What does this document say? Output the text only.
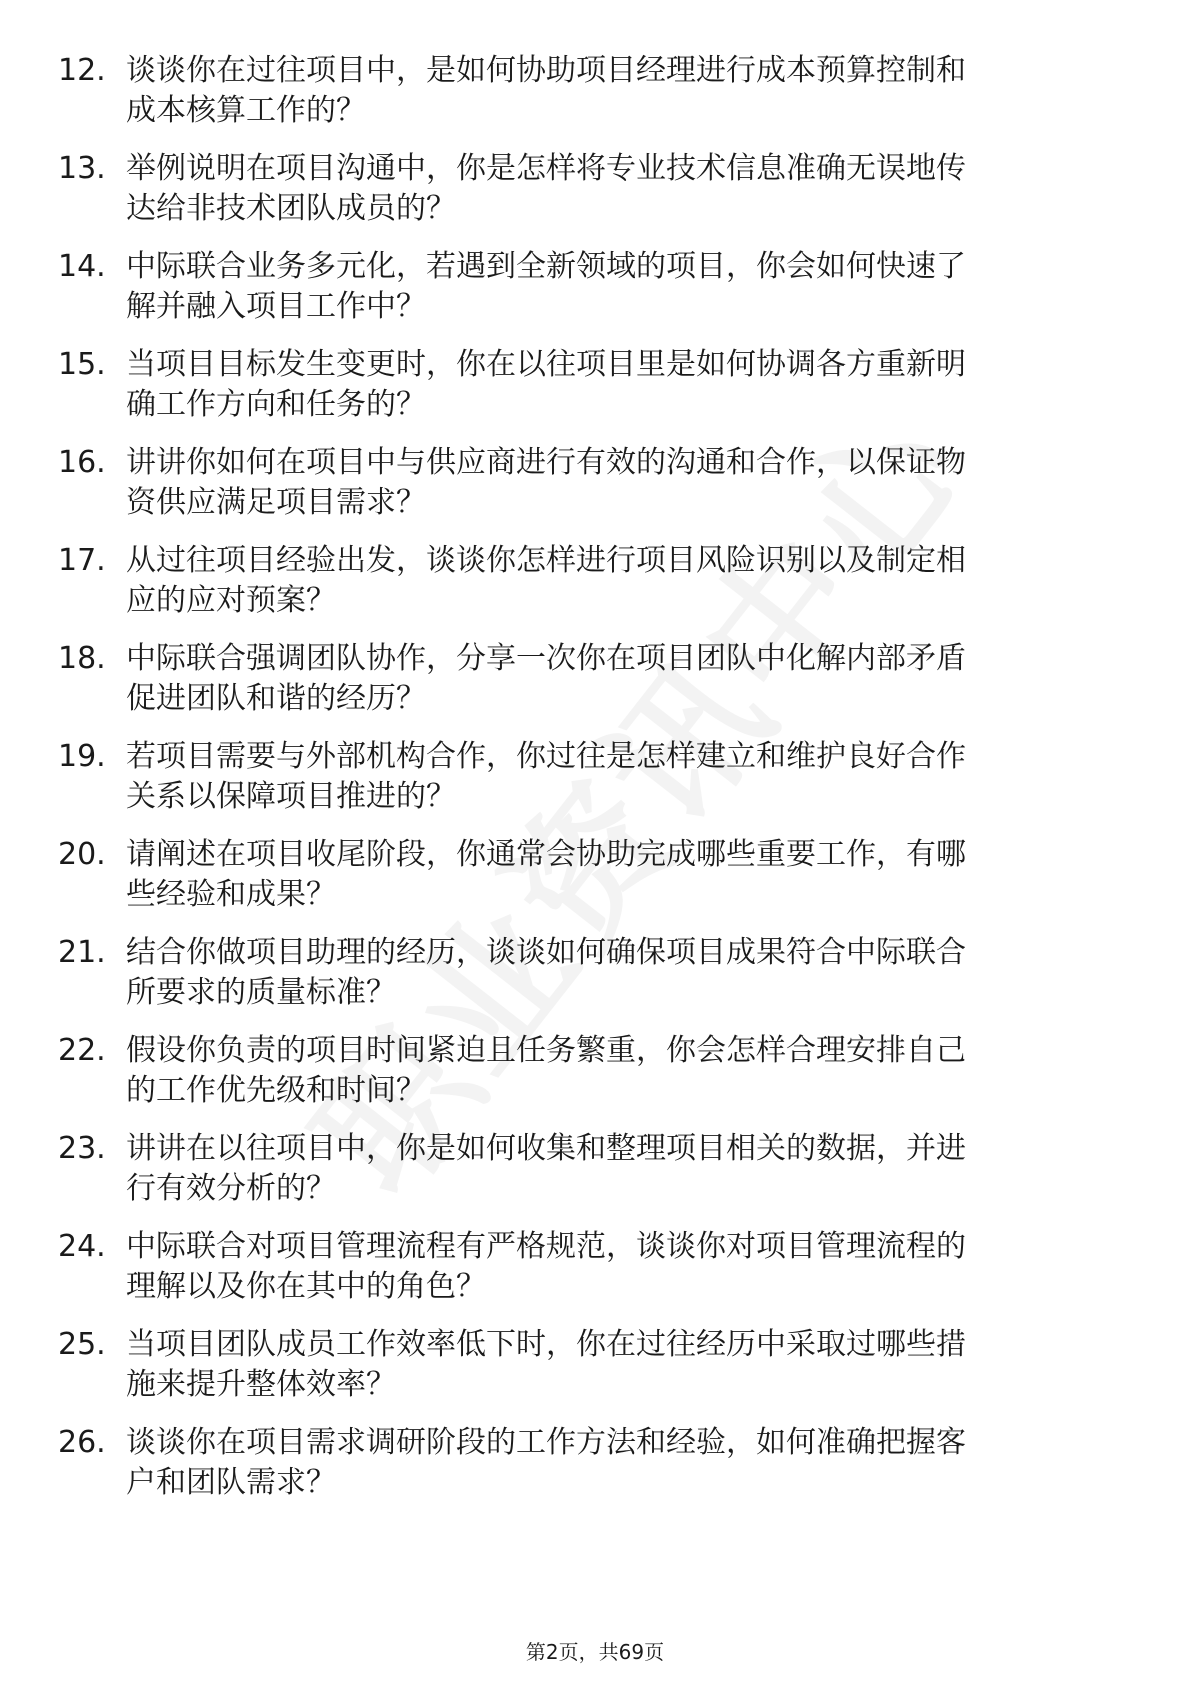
12. 谈谈你在过往项目中，是如何协助项目经理进行成本预算控制和
成本核算工作的？
13. 举例说明在项目沟通中，你是怎样将专业技术信息准确无误地传
达给非技术团队成员的？
14. 中际联合业务多元化，若遇到全新领域的项目，你会如何快速了
解并融入项目工作中？
15. 当项目目标发生变更时，你在以往项目里是如何协调各方重新明
确工作方向和任务的？
16. 讲讲你如何在项目中与供应商进行有效的沟通和合作，以保证物
资供应满足项目需求？
17. 从过往项目经验出发，谈谈你怎样进行项目风险识别以及制定相
应的应对预案？
18. 中际联合强调团队协作，分享一次你在项目团队中化解内部矛盾
促进团队和谐的经历？
19. 若项目需要与外部机构合作，你过往是怎样建立和维护良好合作
关系以保障项目推进的？
20. 请阐述在项目收尾阶段，你通常会协助完成哪些重要工作，有哪
些经验和成果？
21. 结合你做项目助理的经历，谈谈如何确保项目成果符合中际联合
所要求的质量标准？
22. 假设你负责的项目时间紧迫且任务繁重，你会怎样合理安排自己
的工作优先级和时间？
23. 讲讲在以往项目中，你是如何收集和整理项目相关的数据，并进
行有效分析的？
24. 中际联合对项目管理流程有严格规范，谈谈你对项目管理流程的
理解以及你在其中的角色？
25. 当项目团队成员工作效率低下时，你在过往经历中采取过哪些措
施来提升整体效率？
26. 谈谈你在项目需求调研阶段的工作方法和经验，如何准确把握客
户和团队需求？
第2页，共69页
